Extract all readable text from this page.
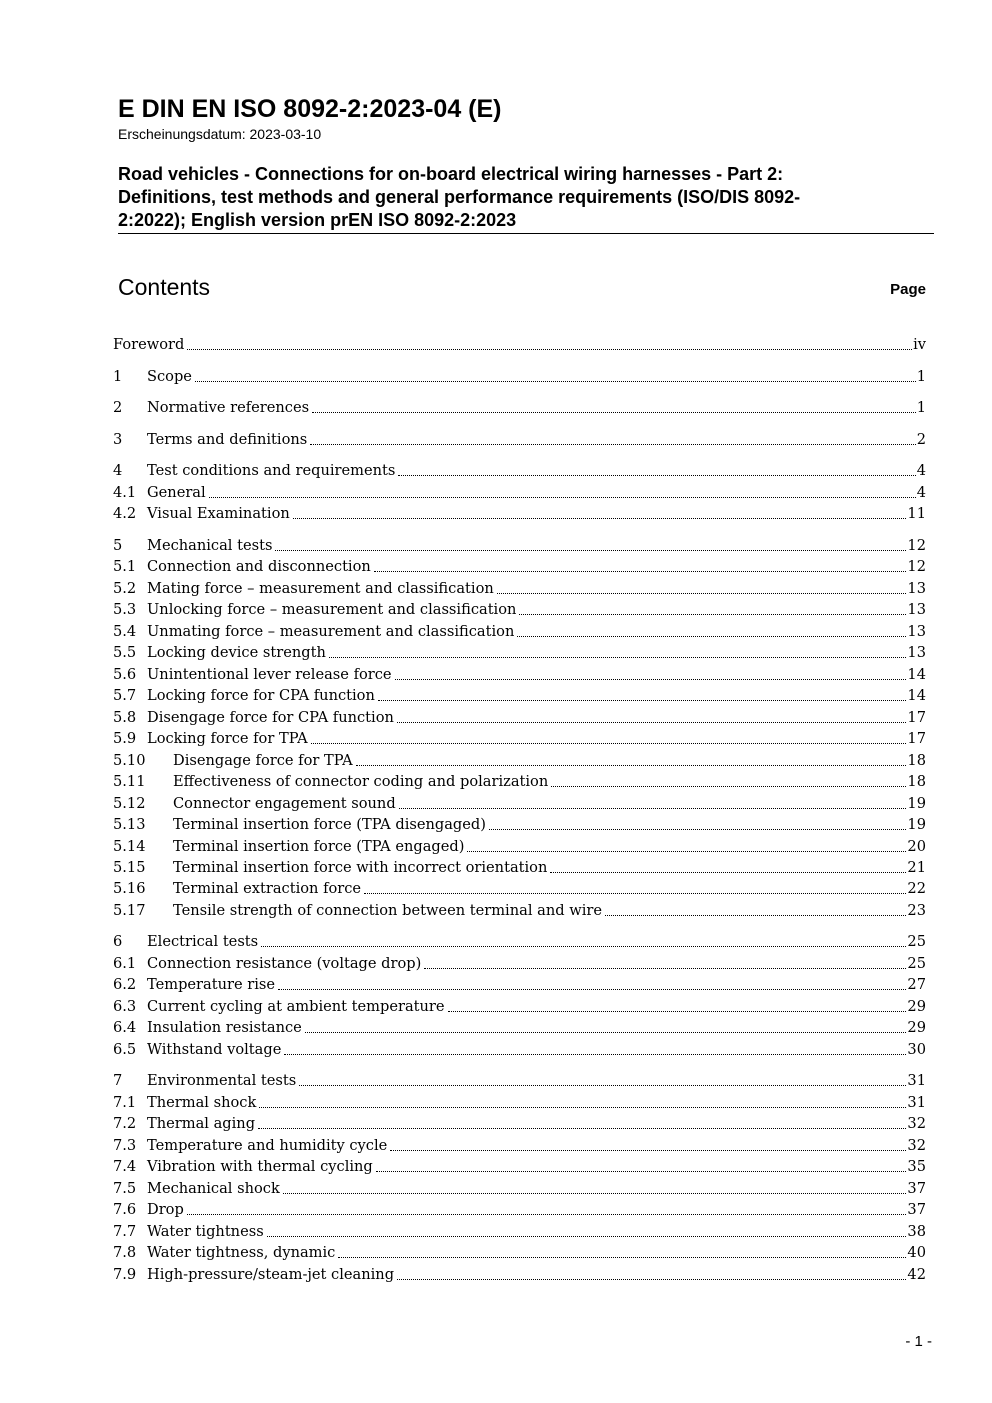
E DIN EN ISO 8092-2:2023-04 (E)
Erscheinungsdatum: 2023-03-10
Road vehicles - Connections for on-board electrical wiring harnesses - Part 2:
Definitions, test methods and general performance requirements (ISO/DIS 8092-
2:2022); English version prEN ISO 8092-2:2023
Contents	Page
Foreword	iv
1	Scope	1
2	Normative references	1
3	Terms and definitions	2
4	Test conditions and requirements	4
4.1 General	4
4.2 Visual Examination	11
5	Mechanical tests	12
5.1 Connection and disconnection	12
5.2 Mating force – measurement and classification	13
5.3 Unlocking force – measurement and classification	13
5.4 Unmating force – measurement and classification	13
5.5 Locking device strength	13
5.6 Unintentional lever release force	14
5.7 Locking force for CPA function	14
5.8 Disengage force for CPA function	17
5.9 Locking force for TPA	17
5.10	Disengage force for TPA	18
5.11	Effectiveness of connector coding and polarization	18
5.12	Connector engagement sound	19
5.13	Terminal insertion force (TPA disengaged)	19
5.14	Terminal insertion force (TPA engaged)	20
5.15	Terminal insertion force with incorrect orientation	21
5.16	Terminal extraction force	22
5.17	Tensile strength of connection between terminal and wire	23
6	Electrical tests	25
6.1 Connection resistance (voltage drop)	25
6.2 Temperature rise	27
6.3 Current cycling at ambient temperature	29
6.4 Insulation resistance	29
6.5 Withstand voltage	30
7	Environmental tests	31
7.1 Thermal shock	31
7.2 Thermal aging	32
7.3 Temperature and humidity cycle	32
7.4 Vibration with thermal cycling	35
7.5 Mechanical shock	37
7.6 Drop	37
7.7 Water tightness	38
7.8 Water tightness, dynamic	40
7.9 High-pressure/steam-jet cleaning	42
- 1 -
